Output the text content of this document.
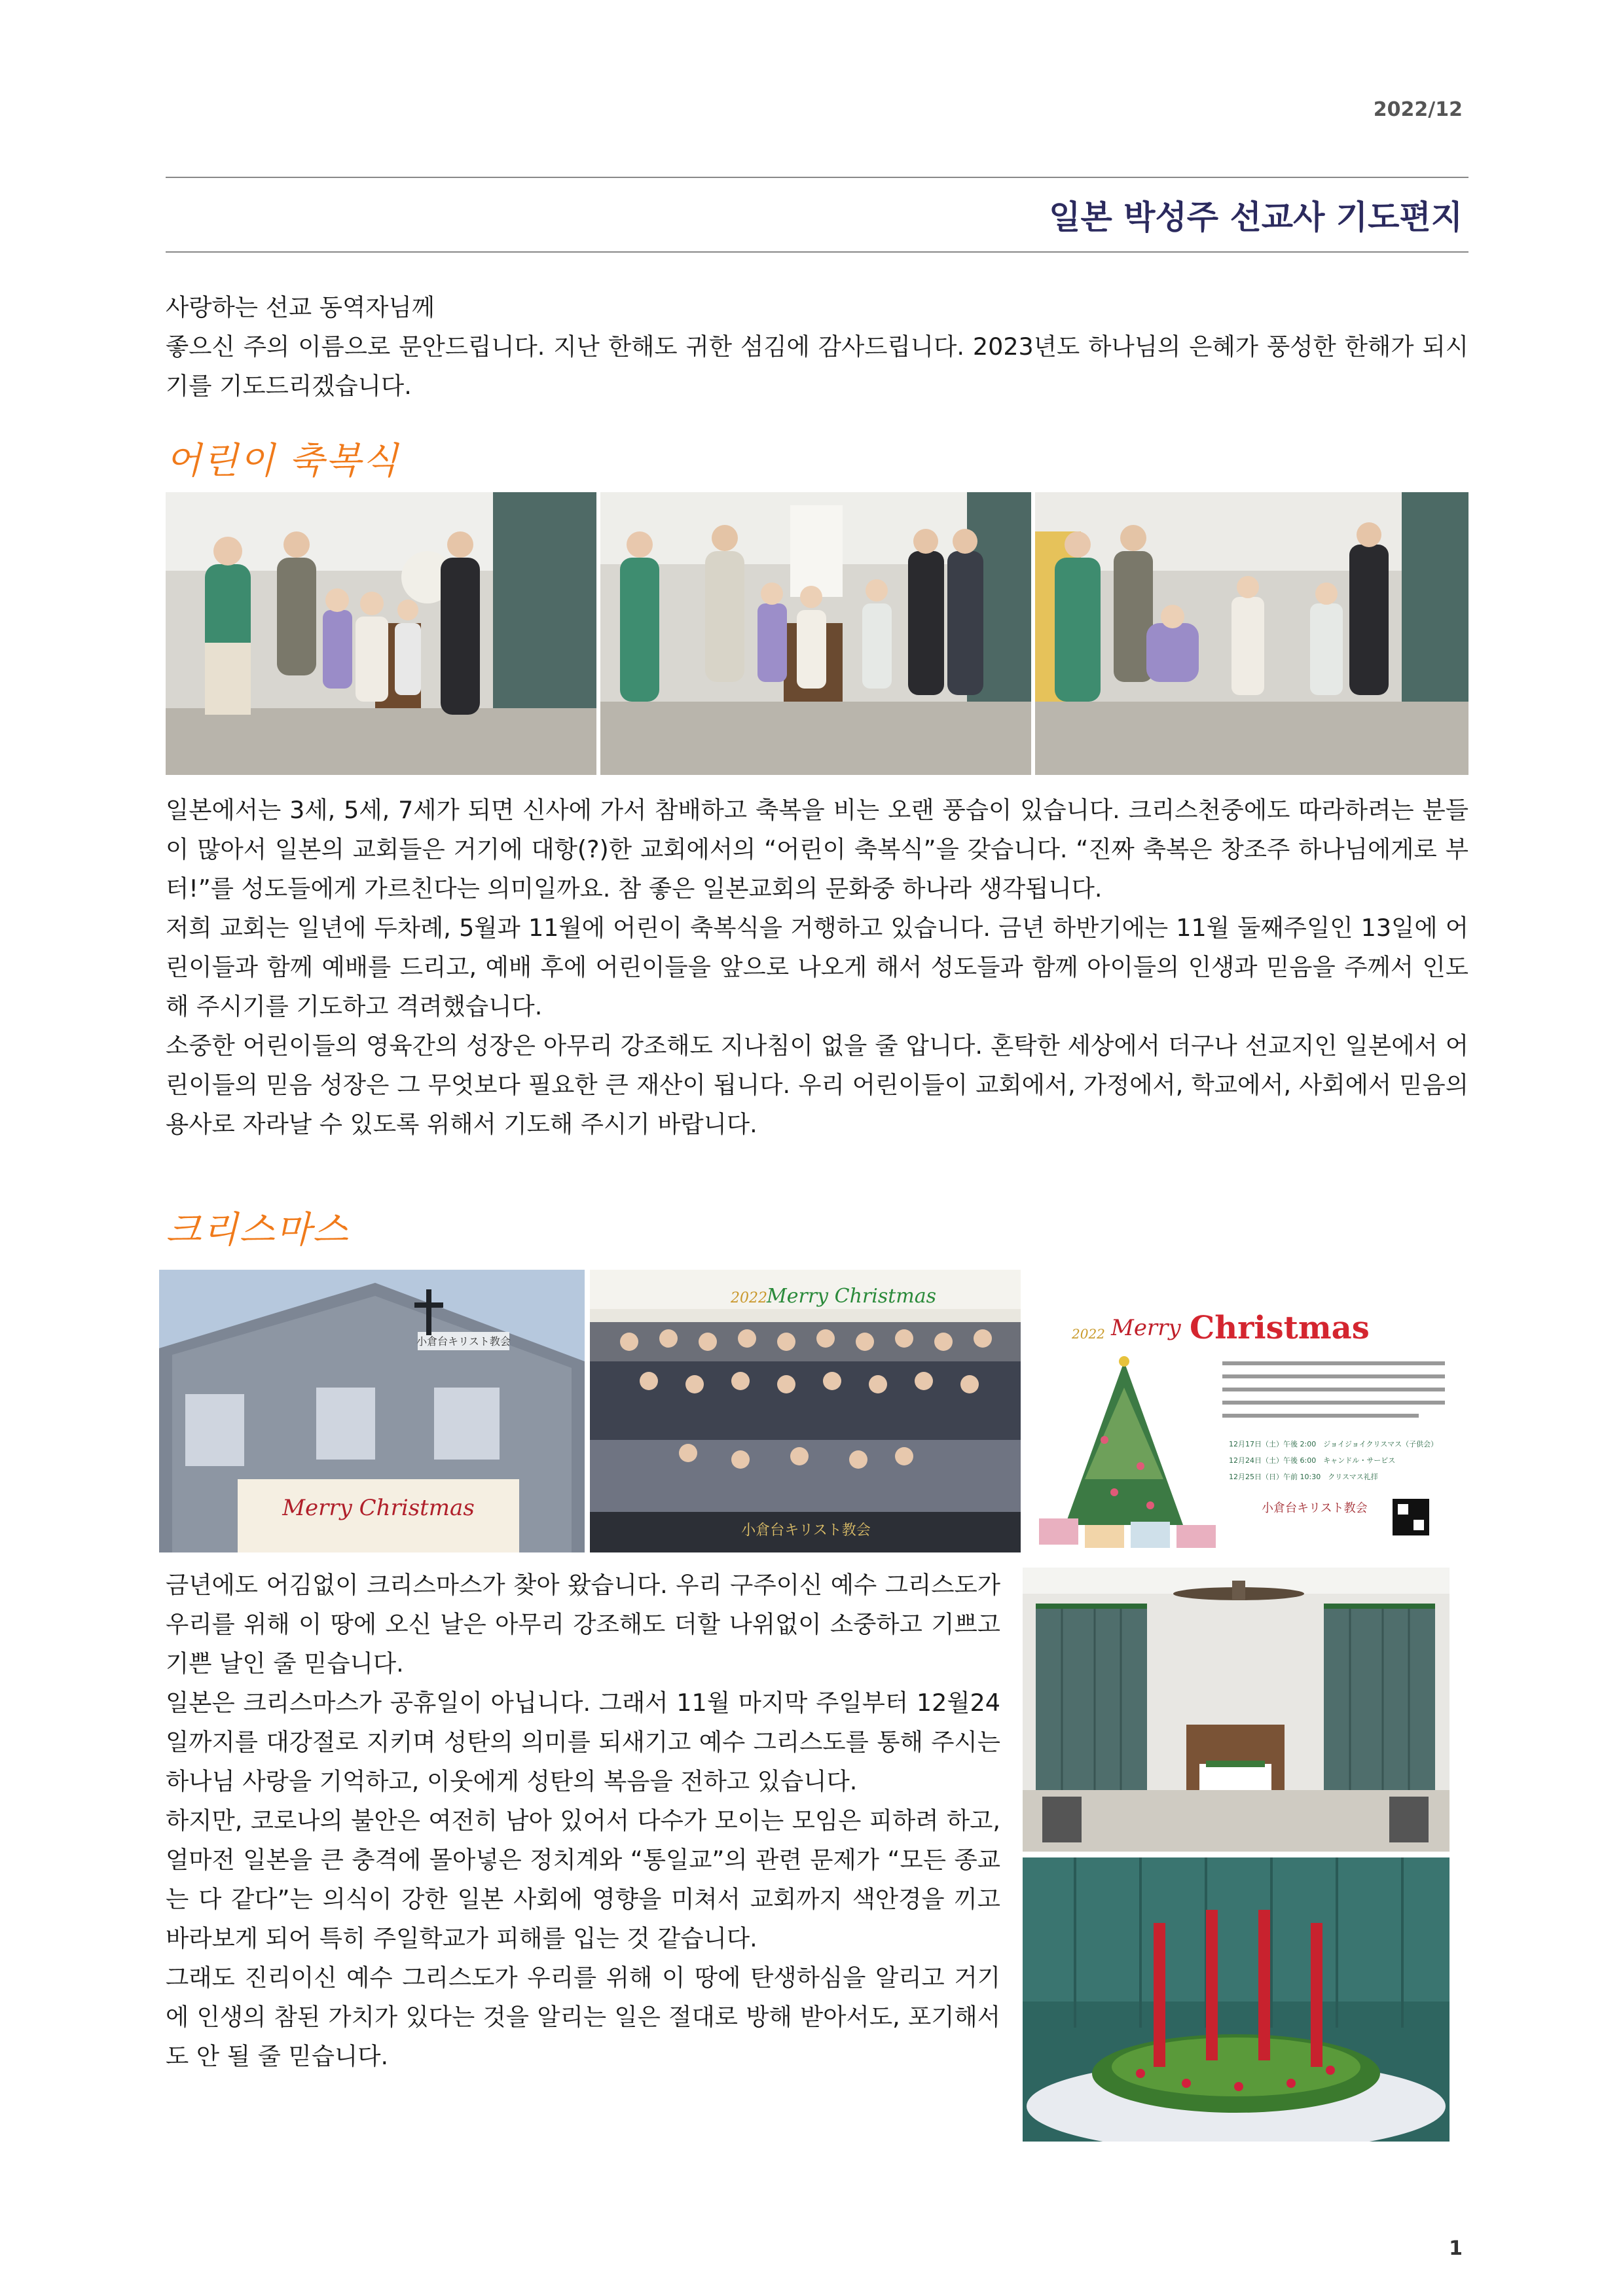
2022/12
일본 박성주 선교사 기도편지

사랑하는 선교 동역자님께

좋으신 주의 이름으로 문안드립니다. 지난 한해도 귀한 섬김에 감사드립니다. 2023년도 하나님의 은혜가 풍성한 한해가 되시기를 기도드리겠습니다.

어린이 축복식

일본에서는 3세, 5세, 7세가 되면 신사에 가서 참배하고 축복을 비는 오랜 풍습이 있습니다. 크리스천중에도 따라하려는 분들이 많아서 일본의 교회들은 거기에 대항(?)한 교회에서의 “어린이 축복식”을 갖습니다. “진짜 축복은 창조주 하나님에게로 부터!”를 성도들에게 가르친다는 의미일까요. 참 좋은 일본교회의 문화중 하나라 생각됩니다.

저희 교회는 일년에 두차례, 5월과 11월에 어린이 축복식을 거행하고 있습니다. 금년 하반기에는 11월 둘째주일인 13일에 어린이들과 함께 예배를 드리고, 예배 후에 어린이들을 앞으로 나오게 해서 성도들과 함께 아이들의 인생과 믿음을 주께서 인도해 주시기를 기도하고 격려했습니다.

소중한 어린이들의 영육간의 성장은 아무리 강조해도 지나침이 없을 줄 압니다. 혼탁한 세상에서 더구나 선교지인 일본에서 어린이들의 믿음 성장은 그 무엇보다 필요한 큰 재산이 됩니다. 우리 어린이들이 교회에서, 가정에서, 학교에서, 사회에서 믿음의 용사로 자라날 수 있도록 위해서 기도해 주시기 바랍니다.

크리스마스
小倉台キリスト教会
Merry Christmas
2022 Merry Christmas
小倉台キリスト教会
2022 Merry Christmas
12月17日（土）午後 2:00　ジョイジョイクリスマス（子供会）
12月24日（土）午後 6:00　キャンドル・サービス
12月25日（日）午前 10:30　クリスマス礼拝
小倉台キリスト教会

금년에도 어김없이 크리스마스가 찾아 왔습니다. 우리 구주이신 예수 그리스도가 우리를 위해 이 땅에 오신 날은 아무리 강조해도 더할 나위없이 소중하고 기쁘고 기쁜 날인 줄 믿습니다.

일본은 크리스마스가 공휴일이 아닙니다. 그래서 11월 마지막 주일부터 12월24일까지를 대강절로 지키며 성탄의 의미를 되새기고 예수 그리스도를 통해 주시는 하나님 사랑을 기억하고, 이웃에게 성탄의 복음을 전하고 있습니다.

하지만, 코로나의 불안은 여전히 남아 있어서 다수가 모이는 모임은 피하려 하고, 얼마전 일본을 큰 충격에 몰아넣은 정치계와 “통일교”의 관련 문제가 “모든 종교는 다 같다”는 의식이 강한 일본 사회에 영향을 미쳐서 교회까지 색안경을 끼고 바라보게 되어 특히 주일학교가 피해를 입는 것 같습니다.

그래도 진리이신 예수 그리스도가 우리를 위해 이 땅에 탄생하심을 알리고 거기에 인생의 참된 가치가 있다는 것을 알리는 일은 절대로 방해 받아서도, 포기해서도 안 될 줄 믿습니다.

1
